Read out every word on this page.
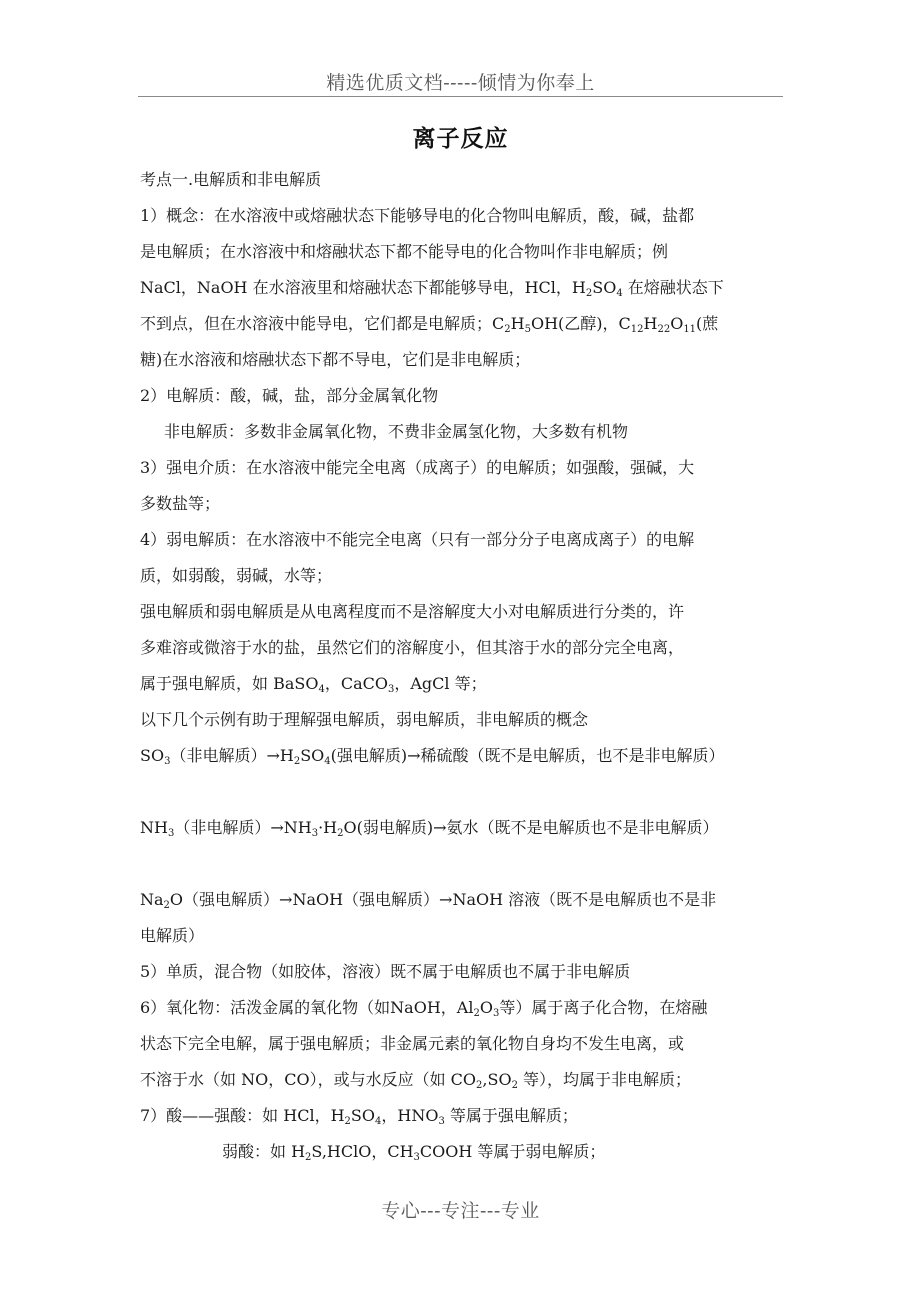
精选优质文档-----倾情为你奉上
离子反应
考点一.电解质和非电解质
1）概念：在水溶液中或熔融状态下能够导电的化合物叫电解质，酸，碱，盐都
是电解质；在水溶液中和熔融状态下都不能导电的化合物叫作非电解质；例
NaCl，NaOH 在水溶液里和熔融状态下都能够导电，HCl，$H_2SO_4$ 在熔融状态下
不到点，但在水溶液中能导电，它们都是电解质；$C_2H_5OH$(乙醇)，$C_{12}H_{22}O_{11}$(蔗
糖)在水溶液和熔融状态下都不导电，它们是非电解质；
2）电解质：酸，碱，盐，部分金属氧化物
非电解质：多数非金属氧化物，不费非金属氢化物，大多数有机物
3）强电介质：在水溶液中能完全电离（成离子）的电解质；如强酸，强碱，大
多数盐等；
4）弱电解质：在水溶液中不能完全电离（只有一部分分子电离成离子）的电解
质，如弱酸，弱碱，水等；
强电解质和弱电解质是从电离程度而不是溶解度大小对电解质进行分类的，许
多难溶或微溶于水的盐，虽然它们的溶解度小，但其溶于水的部分完全电离，
属于强电解质，如 BaSO$_4$，CaCO$_3$，AgCl 等；
以下几个示例有助于理解强电解质，弱电解质，非电解质的概念
$SO_3$（非电解质）$\to H_2SO_4$(强电解质)→稀硫酸（既不是电解质，也不是非电解质）
$NH_3$（非电解质）$\to NH_3\cdot H_2O$(弱电解质)→氨水（既不是电解质也不是非电解质）
$Na_2O$（强电解质）→NaOH（强电解质）→NaOH 溶液（既不是电解质也不是非
电解质）
5）单质，混合物（如胶体，溶液）既不属于电解质也不属于非电解质
6）氧化物：活泼金属的氧化物（如NaOH，$Al_2O_3$等）属于离子化合物，在熔融
状态下完全电解，属于强电解质；非金属元素的氧化物自身均不发生电离，或
不溶于水（如 NO，CO），或与水反应（如 $CO_2,SO_2$ 等），均属于非电解质；
7）酸——强酸：如 HCl，$H_2SO_4$，$HNO_3$ 等属于强电解质；
弱酸：如 $H_2S,HClO$，$CH_3COOH$ 等属于弱电解质；
专心---专注---专业
